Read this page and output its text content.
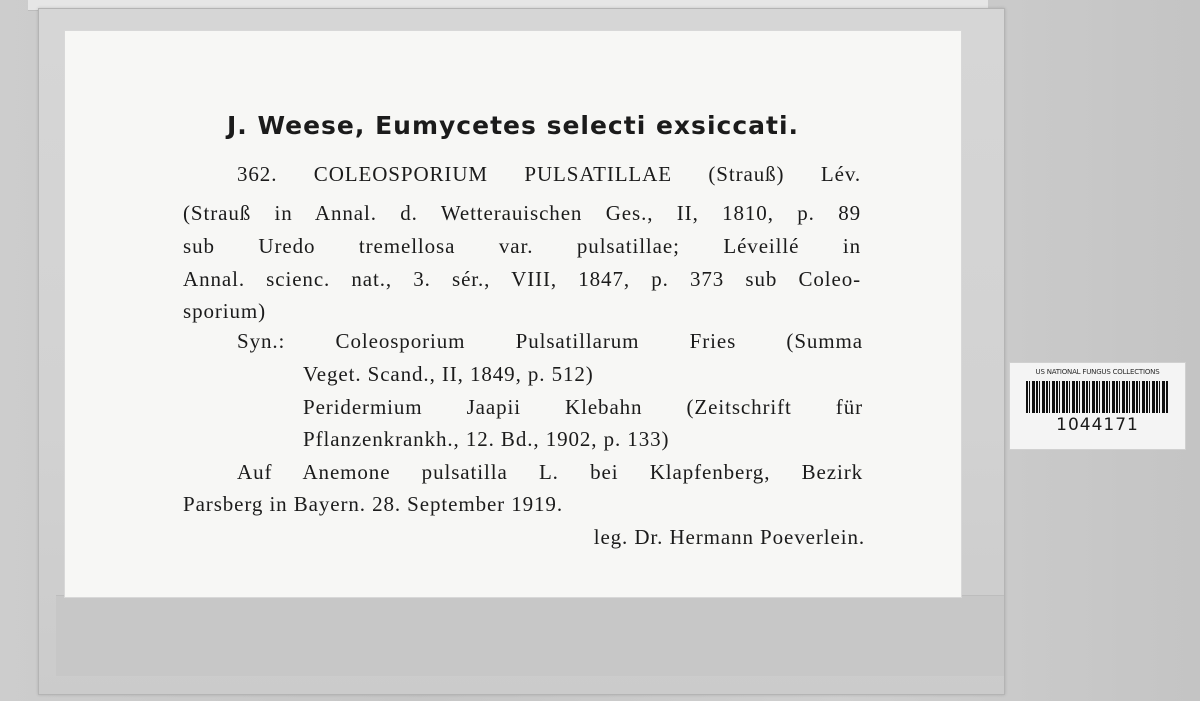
J. Weese, Eumycetes selecti exsiccati.
362. COLEOSPORIUM PULSATILLAE (Strauß) Lév.
(Strauß in Annal. d. Wetterauischen Ges., II, 1810, p. 89
sub Uredo tremellosa var. pulsatillae; Léveillé in
Annal. scienc. nat., 3. sér., VIII, 1847, p. 373 sub Coleo-
sporium)
Syn.: Coleosporium Pulsatillarum Fries (Summa
Veget. Scand., II, 1849, p. 512)
Peridermium Jaapii Klebahn (Zeitschrift für
Pflanzenkrankh., 12. Bd., 1902, p. 133)
Auf Anemone pulsatilla L. bei Klapfenberg, Bezirk
Parsberg in Bayern. 28. September 1919.
leg. Dr. Hermann Poeverlein.
US NATIONAL FUNGUS COLLECTIONS
1044171
